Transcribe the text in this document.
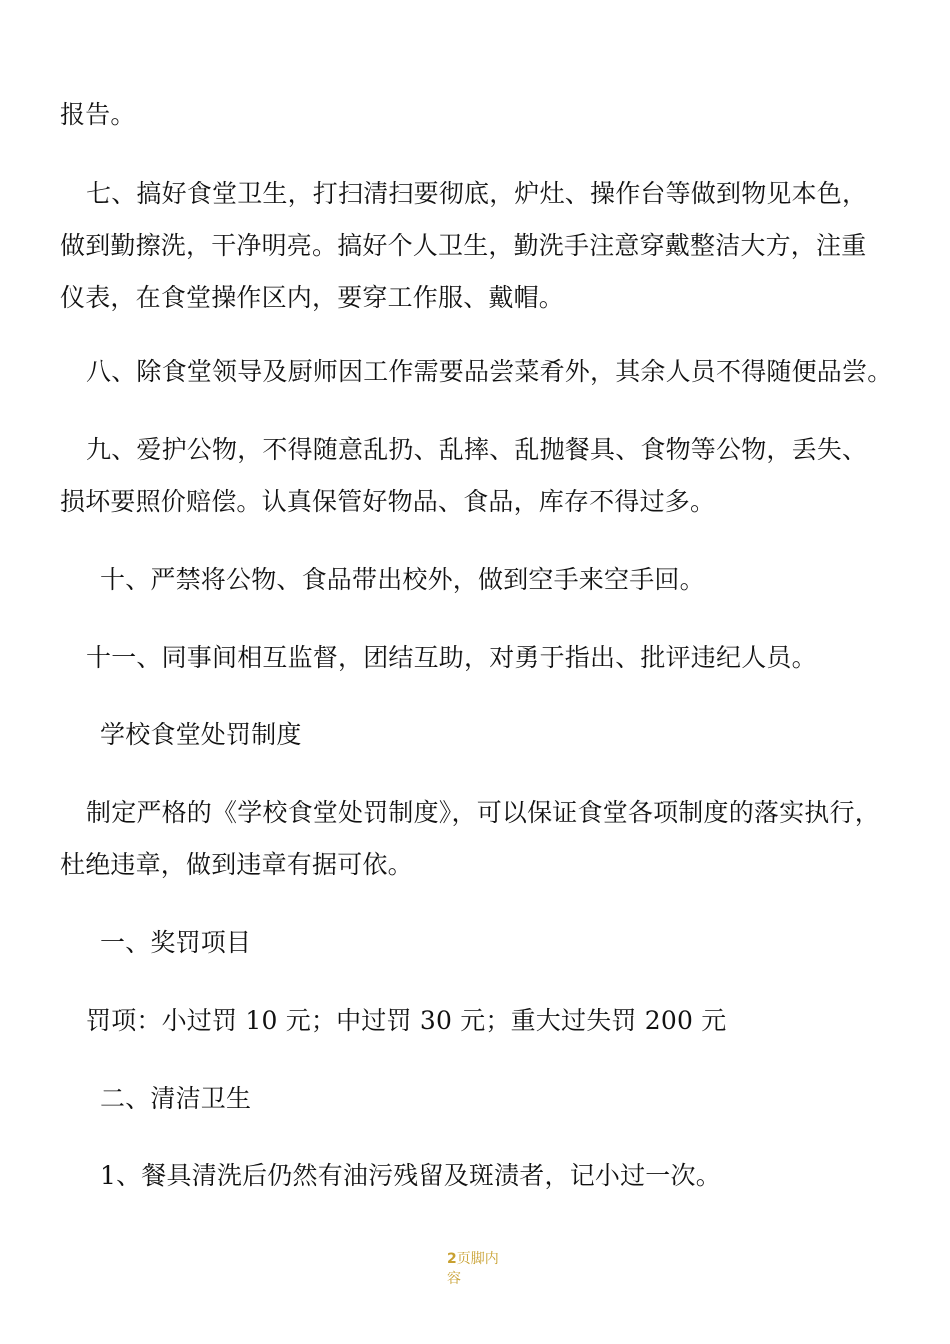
报告。
七、搞好食堂卫生，打扫清扫要彻底，炉灶、操作台等做到物见本色，
做到勤擦洗，干净明亮。搞好个人卫生，勤洗手注意穿戴整洁大方，注重
仪表，在食堂操作区内，要穿工作服、戴帽。
八、除食堂领导及厨师因工作需要品尝菜肴外，其余人员不得随便品尝。
九、爱护公物，不得随意乱扔、乱摔、乱抛餐具、食物等公物，丢失、
损坏要照价赔偿。认真保管好物品、食品，库存不得过多。
十、严禁将公物、食品带出校外，做到空手来空手回。
十一、同事间相互监督，团结互助，对勇于指出、批评违纪人员。
学校食堂处罚制度
制定严格的《学校食堂处罚制度》，可以保证食堂各项制度的落实执行，
杜绝违章，做到违章有据可依。
一、奖罚项目
罚项：小过罚 10 元；中过罚 30 元；重大过失罚 200 元
二、清洁卫生
1、餐具清洗后仍然有油污残留及斑渍者，记小过一次。
2页脚内
容
